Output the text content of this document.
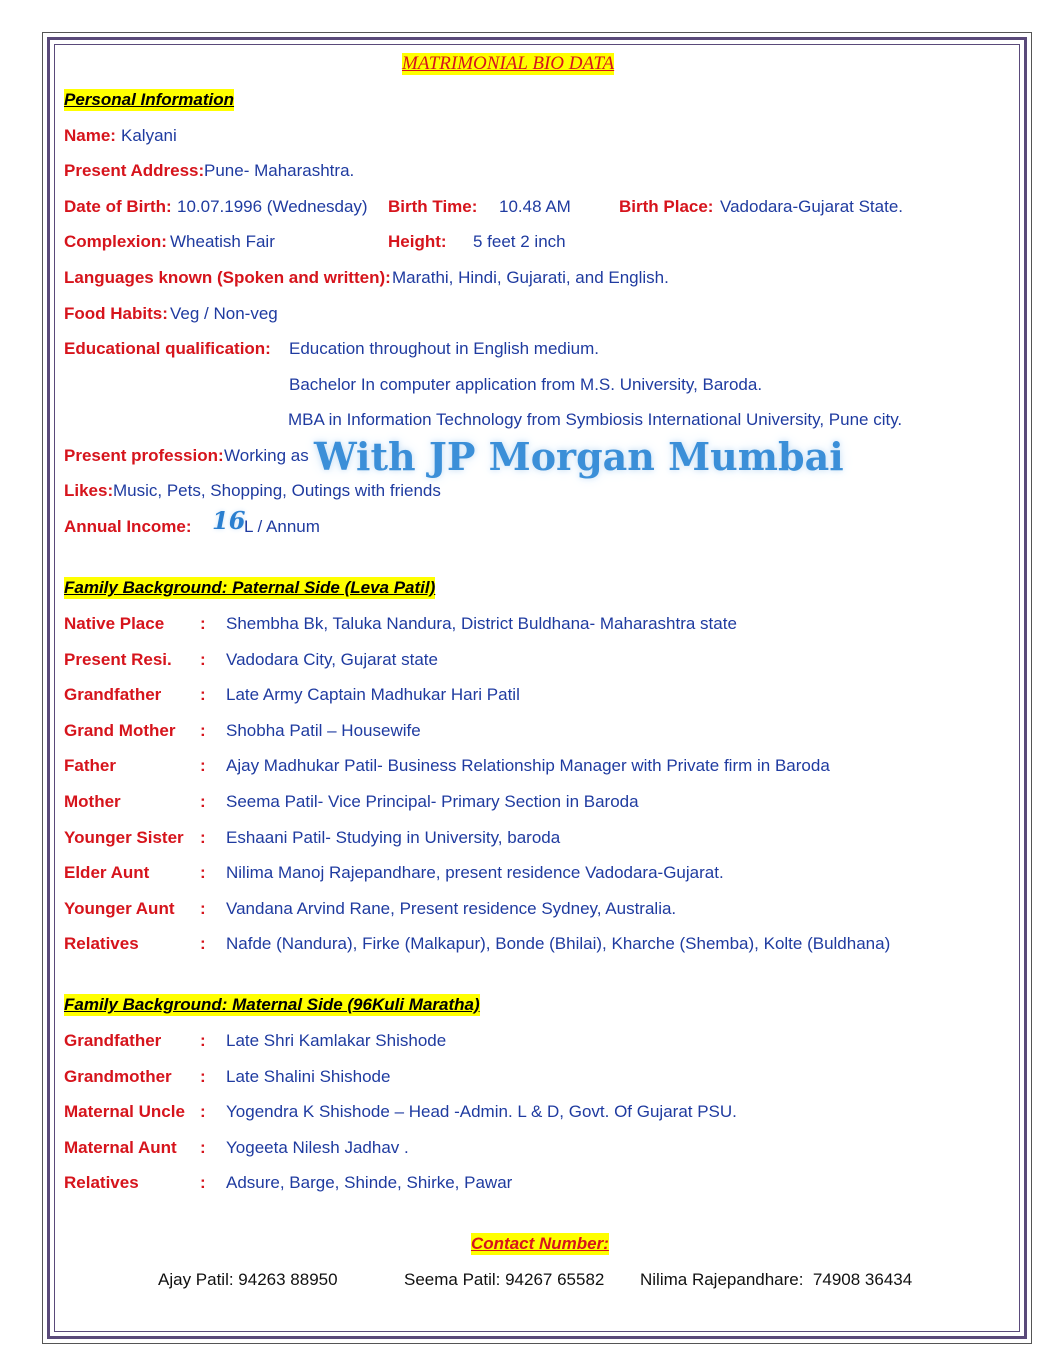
MATRIMONIAL BIO DATA
Personal Information
Name: Kalyani
Present Address: Pune- Maharashtra.
Date of Birth: 10.07.1996 (Wednesday) Birth Time: 10.48 AM	Birth Place: Vadodara-Gujarat State.
Complexion: Wheatish Fair	Height: 5 feet 2 inch
Languages known (Spoken and written): Marathi, Hindi, Gujarati, and English.
Food Habits: Veg / Non-veg
Educational qualification: Education throughout in English medium.
Bachelor In computer application from M.S. University, Baroda.
MBA in Information Technology from Symbiosis International University, Pune city.
Present profession: Working as With JP Morgan Mumbai
Likes: Music, Pets, Shopping, Outings with friends
Annual Income: 16
L / Annum
Family Background: Paternal Side (Leva Patil)
Native Place : Shembha Bk, Taluka Nandura, District Buldhana- Maharashtra state
Present Resi. : Vadodara City, Gujarat state
Grandfather : Late Army Captain Madhukar Hari Patil
Grand Mother : Shobha Patil – Housewife
Father	: Ajay Madhukar Patil- Business Relationship Manager with Private firm in Baroda
Mother	: Seema Patil- Vice Principal- Primary Section in Baroda
Younger Sister : Eshaani Patil- Studying in University, baroda
Elder Aunt	: Nilima Manoj Rajepandhare, present residence Vadodara-Gujarat.
Younger Aunt : Vandana Arvind Rane, Present residence Sydney, Australia.
Relatives	: Nafde (Nandura), Firke (Malkapur), Bonde (Bhilai), Kharche (Shemba), Kolte (Buldhana)
Family Background: Maternal Side (96Kuli Maratha)
Grandfather : Late Shri Kamlakar Shishode
Grandmother : Late Shalini Shishode
Maternal Uncle : Yogendra K Shishode – Head -Admin. L & D, Govt. Of Gujarat PSU.
Maternal Aunt : Yogeeta Nilesh Jadhav .
Relatives	: Adsure, Barge, Shinde, Shirke, Pawar
Contact Number:
Ajay Patil: 94263 88950	Seema Patil: 94267 65582 Nilima Rajepandhare:  74908 36434
